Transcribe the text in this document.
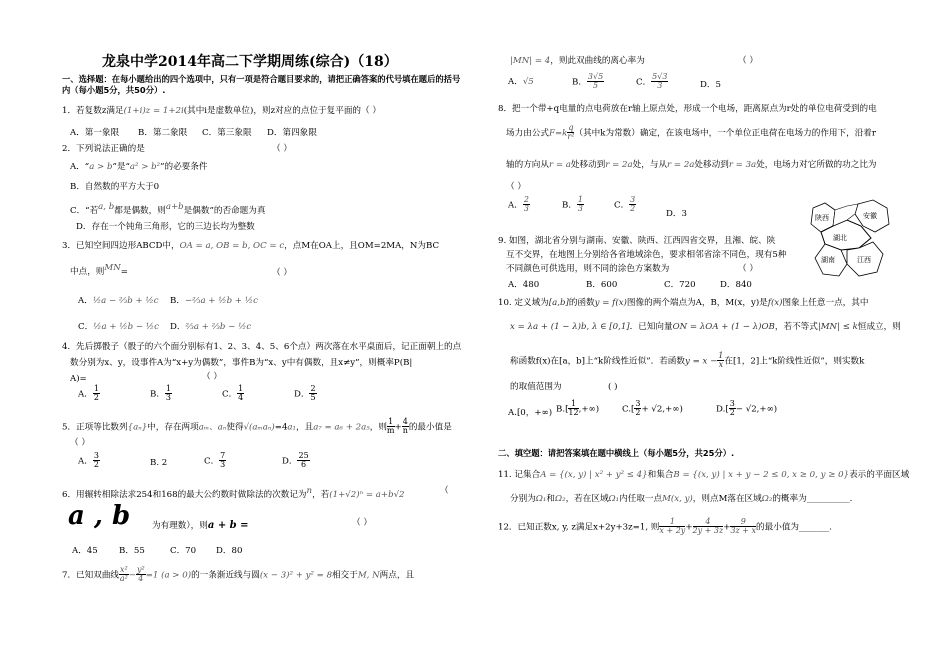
龙泉中学2014年高二下学期周练(综合)（18）
一、选择题：在每小题给出的四个选项中，只有一项是符合题目要求的，请把正确答案的代号填在题后的括号内（每小题5分，共50分）.
1．若复数z满足(1+i)z = 1+2i(其中i是虚数单位)，则z对应的点位于复平面的（ ）
A．第一象限 B．第二象限 C．第三象限 D．第四象限
2．下列说法正确的是	（ ）
A．“a > b”是“a² > b²”的必要条件
B．自然数的平方大于0
C．“若a, b都是偶数，则a+b是偶数”的否命题为真
D．存在一个钝角三角形，它的三边长均为整数
3．已知空间四边形ABCD中，OA = a, OB = b, OC = c，点M在OA上，且OM=2MA，N为BC
中点，则MN=	（ ）
A．½a − ⅔b + ½c B．−⅔a + ½b + ½c
C．½a + ½b − ½c D．⅔a + ⅔b − ½c
4．先后掷骰子（骰子的六个面分别标有1、2、3、4、5、6个点）两次落在水平桌面后，记正面朝上的点
数分别为x、y，设事件A为“x+y为偶数”，事件B为“x、y中有偶数，且x≠y”，则概率P(B|
A)=	（ ）
A． $\frac{1}{2}$	B． $\frac{1}{3}$	C． $\frac{1}{4}$	D． $\frac{2}{5}$
5．正项等比数列{aₙ}中，存在两项aₘ、aₙ使得√(aₘaₙ)=4a₁，且a₇ = a₆ + 2a₅，则 $\frac{1}{m} + \frac{4}{n}$ 的最小值是
（ ）
A． $\frac{3}{2}$	B. 2	C． $\frac{7}{3}$	D． $\frac{25}{6}$
6．用辗转相除法求254和168的最大公约数时做除法的次数记为n，若(1+√2)ⁿ = a+b√2	（
a , b	为有理数），则a + b =	（ ）
A．45 B．55	C．70 D．80
7．已知双曲线 $\frac{\text{x²}}{\text{a²}} - \frac{\text{y²}}{4} =1$ (a > 0)的一条渐近线与圆(x − 3)² + y² = 8相交于M, N两点，且
|MN| = 4，则此双曲线的离心率为	（ ）
A．√5	B． $\frac{3√5}{5}$	C． $\frac{5√3}{3}$	D．5
8．把一个带+q电量的点电荷放在r轴上原点处，形成一个电场，距离原点为r处的单位电荷受到的电
场力由公式$F=k \frac{q}{\text{r²}}$ （其中k为常数）确定，在该电场中，一个单位正电荷在电场力的作用下，沿着r
轴的方向从r = a处移动到r = 2a处，与从r = 2a处移动到r = 3a处，电场力对它所做的功之比为
（ ）
A． $\frac{2}{3}$	B． $\frac{1}{3}$	C． $\frac{3}{2}$
D．3
9. 如图，湖北省分别与湖南、安徽、陕西、江西四省交界，且湘、皖、陕
互不交界，在地图上分别给各省地域涂色，要求相邻省涂不同色，现有5种
不同颜色可供选用，则不同的涂色方案数为	（ ）
A．480	B．600	C．720	D．840
陕西	安徽
湖北
湖南	江西
10. 定义域为[a,b]的函数y = f(x)图像的两个端点为A，B，M(x，y)是f(x)图象上任意一点，其中
x = λa + (1 − λ)b, λ ∈ [0,1]．已知向量ON = λOA + (1 − λ)OB，若不等式|MN| ≤ k恒成立，则
称函数f(x)在[a，b]上“k阶线性近似”．若函数$y = x - \frac{1}{x}$ 在[1，2]上“k阶线性近似”，则实数k
的取值范围为	( )
A.[0，+∞) $B.[ \frac{1}{12}$ ,+∞)	$C.[ \frac{3}{2} + √2,+\infty)$	$D.[ \frac{3}{2} - √2,+\infty)$
二、填空题：请把答案填在题中横线上（每小题5分，共25分）.
11. 记集合A = {(x, y) | x² + y² ≤ 4}和集合B = {(x, y) | x + y − 2 ≤ 0, x ≥ 0, y ≥ 0}表示的平面区域
分别为Ω₁和Ω₂，若在区域Ω₁内任取一点M(x, y)，则点M落在区域Ω₂的概率为__________.
12．已知正数x, y, z满足x+2y+3z=1, 则 $\frac{1}{x + 2y} + \frac{4}{2y + 3z} + \frac{9}{3z + x}$ 的最小值为_______.
